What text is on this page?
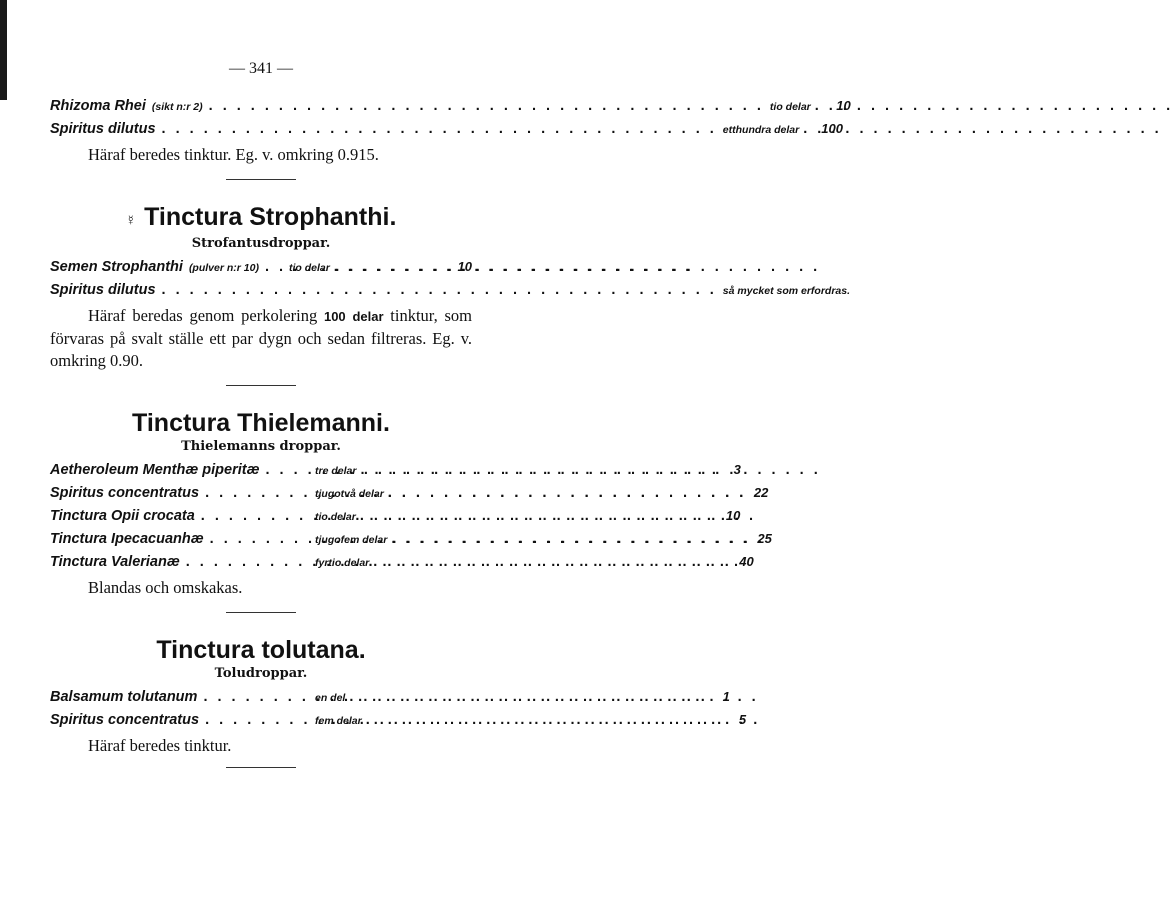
— 341 —
Rhizoma Rhei (sikt n:r 2) . . .	tio delar . . . 10
Spiritus dilutus . . .	etthundra delar . . . 100

Häraf beredes tinktur. Eg. v. omkring 0.915.

☿ Tinctura Strophanthi.
Strofantusdroppar.
Semen Strophanthi (pulver n:r 10) . . .	tio delar . . .	10
Spiritus dilutus . . .	så mycket som erfordras.

Häraf beredas genom perkolering 100 delar tinktur, som förvaras på svalt ställe ett par dygn och sedan filtreras. Eg. v. omkring 0.90.

Tinctura Thielemanni.
Thielemanns droppar.
Aetheroleum Menthæ piperitæ . . .	tre delar . . .	3
Spiritus concentratus . . .	tjugotvå delar . . .	22
Tinctura Opii crocata . . .	tio delar . . .	10
Tinctura Ipecacuanhæ . . .	tjugofem delar . . .	25
Tinctura Valerianæ . . .	fyrtio delar . . .	40

Blandas och omskakas.

Tinctura tolutana.
Toludroppar.
Balsamum tolutanum . . .	en del . . .	1
Spiritus concentratus . . .	fem delar . . .	5

Häraf beredes tinktur.
